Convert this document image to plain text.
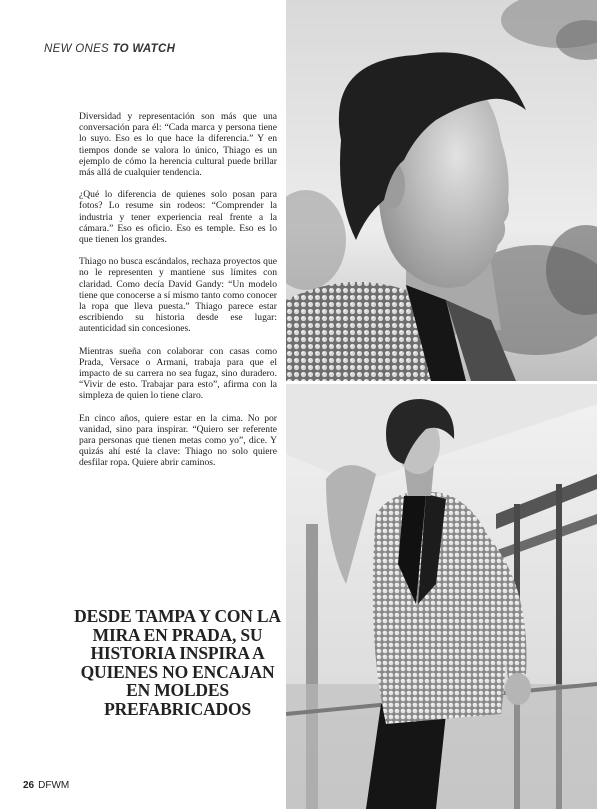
NEW ONES TO WATCH

Diversidad y representación son más que una conversación para él: “Cada marca y persona tiene lo suyo. Eso es lo que hace la diferencia.” Y en tiempos donde se valora lo único, Thiago es un ejemplo de cómo la herencia cultural puede brillar más allá de cualquier tendencia.

¿Qué lo diferencia de quienes solo posan para fotos? Lo resume sin rodeos: “Comprender la industria y tener experiencia real frente a la cámara.” Eso es oficio. Eso es temple. Eso es lo que tienen los grandes.

Thiago no busca escándalos, rechaza proyectos que no le representen y mantiene sus límites con claridad. Como decía David Gandy: “Un modelo tiene que conocerse a sí mismo tanto como conocer la ropa que lleva puesta.” Thiago parece estar escribiendo su historia desde ese lugar: autenticidad sin concesiones.

Mientras sueña con colaborar con casas como Prada, Versace o Armani, trabaja para que el impacto de su carrera no sea fugaz, sino duradero. “Vivir de esto. Trabajar para esto”, afirma con la simpleza de quien lo tiene claro.

En cinco años, quiere estar en la cima. No por vanidad, sino para inspirar. “Quiero ser referente para personas que tienen metas como yo”, dice. Y quizás ahí esté la clave: Thiago no solo quiere desfilar ropa. Quiere abrir caminos.

DESDE TAMPA Y CON LA MIRA EN PRADA, SU HISTORIA INSPIRA A QUIENES NO ENCAJAN EN MOLDES PREFABRICADOS
26 DFWM
